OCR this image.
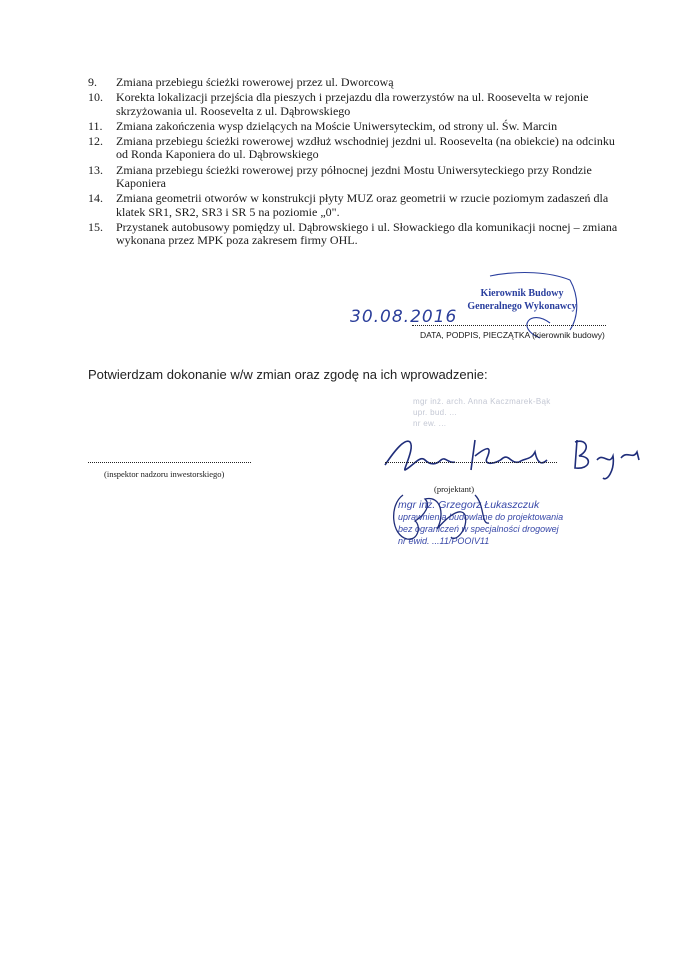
9. Zmiana przebiegu ścieżki rowerowej przez ul. Dworcową
10. Korekta lokalizacji przejścia dla pieszych i przejazdu dla rowerzystów na ul. Roosevelta w rejonie skrzyżowania ul. Roosevelta z ul. Dąbrowskiego
11. Zmiana zakończenia wysp dzielących na Moście Uniwersyteckim, od strony ul. Św. Marcin
12. Zmiana przebiegu ścieżki rowerowej wzdłuż wschodniej jezdni ul. Roosevelta (na obiekcie) na odcinku od Ronda Kaponiera do ul. Dąbrowskiego
13. Zmiana przebiegu ścieżki rowerowej przy północnej jezdni Mostu Uniwersyteckiego przy Rondzie Kaponiera
14. Zmiana geometrii otworów w konstrukcji płyty MUZ oraz geometrii w rzucie poziomym zadaszeń dla klatek SR1, SR2, SR3 i SR 5 na poziomie „0".
15. Przystanek autobusowy pomiędzy ul. Dąbrowskiego i ul. Słowackiego dla komunikacji nocnej – zmiana wykonana przez MPK poza zakresem firmy OHL.
Kierownik Budowy
Generalnego Wykonawcy
30.08.2016
DATA, PODPIS, PIECZĄTKA (kierownik budowy)
Potwierdzam dokonanie w/w zmian oraz zgodę na ich wprowadzenie:
mgr inż. arch. Anna Kaczmarek-Bąk
upr. bud. ...
nr ew. ...
(inspektor nadzoru inwestorskiego)
(projektant)
mgr inż. Grzegorz Łukaszczuk
uprawnienia budowlane do projektowania
bez ograniczeń w specjalności drogowej
nr ewid. ...11/POOIV11
